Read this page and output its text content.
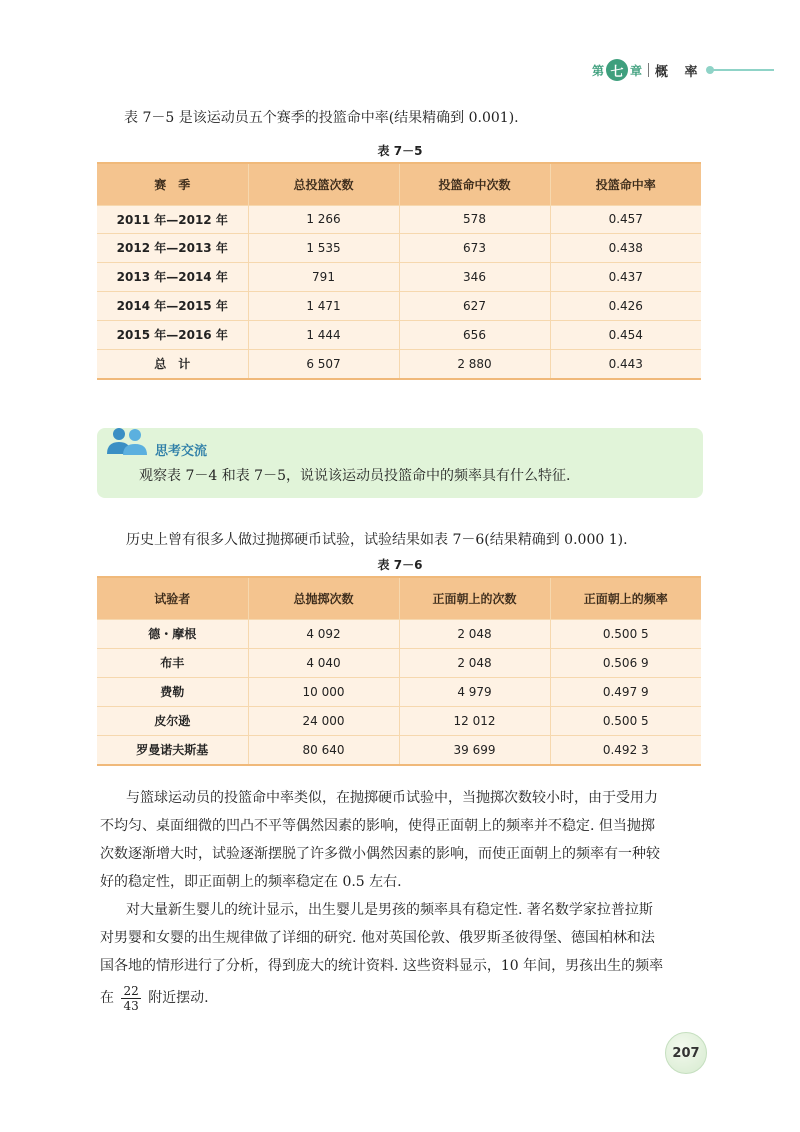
第 七 章 概 率
表 7－5 是该运动员五个赛季的投篮命中率(结果精确到 0.001).
表 7－5
赛　季	总投篮次数	投篮命中次数	投篮命中率
2011 年—2012 年	1 266	578	0.457
2012 年—2013 年	1 535	673	0.438
2013 年—2014 年	791	346	0.437
2014 年—2015 年	1 471	627	0.426
2015 年—2016 年	1 444	656	0.454
总　计	6 507	2 880	0.443
思考交流
观察表 7－4 和表 7－5，说说该运动员投篮命中的频率具有什么特征.
历史上曾有很多人做过抛掷硬币试验，试验结果如表 7－6(结果精确到 0.000 1).
表 7－6
试验者	总抛掷次数	正面朝上的次数	正面朝上的频率
德・摩根	4 092	2 048	0.500 5
布丰	4 040	2 048	0.506 9
费勒	10 000	4 979	0.497 9
皮尔逊	24 000	12 012	0.500 5
罗曼诺夫斯基	80 640	39 699	0.492 3
与篮球运动员的投篮命中率类似，在抛掷硬币试验中，当抛掷次数较小时，由于受用力
不均匀、桌面细微的凹凸不平等偶然因素的影响，使得正面朝上的频率并不稳定. 但当抛掷
次数逐渐增大时，试验逐渐摆脱了许多微小偶然因素的影响，而使正面朝上的频率有一种较
好的稳定性，即正面朝上的频率稳定在 0.5 左右.
对大量新生婴儿的统计显示，出生婴儿是男孩的频率具有稳定性. 著名数学家拉普拉斯
对男婴和女婴的出生规律做了详细的研究. 他对英国伦敦、俄罗斯圣彼得堡、德国柏林和法
国各地的情形进行了分析，得到庞大的统计资料. 这些资料显示，10 年间，男孩出生的频率
在 $\frac{22}{43}$ 附近摆动.
207
